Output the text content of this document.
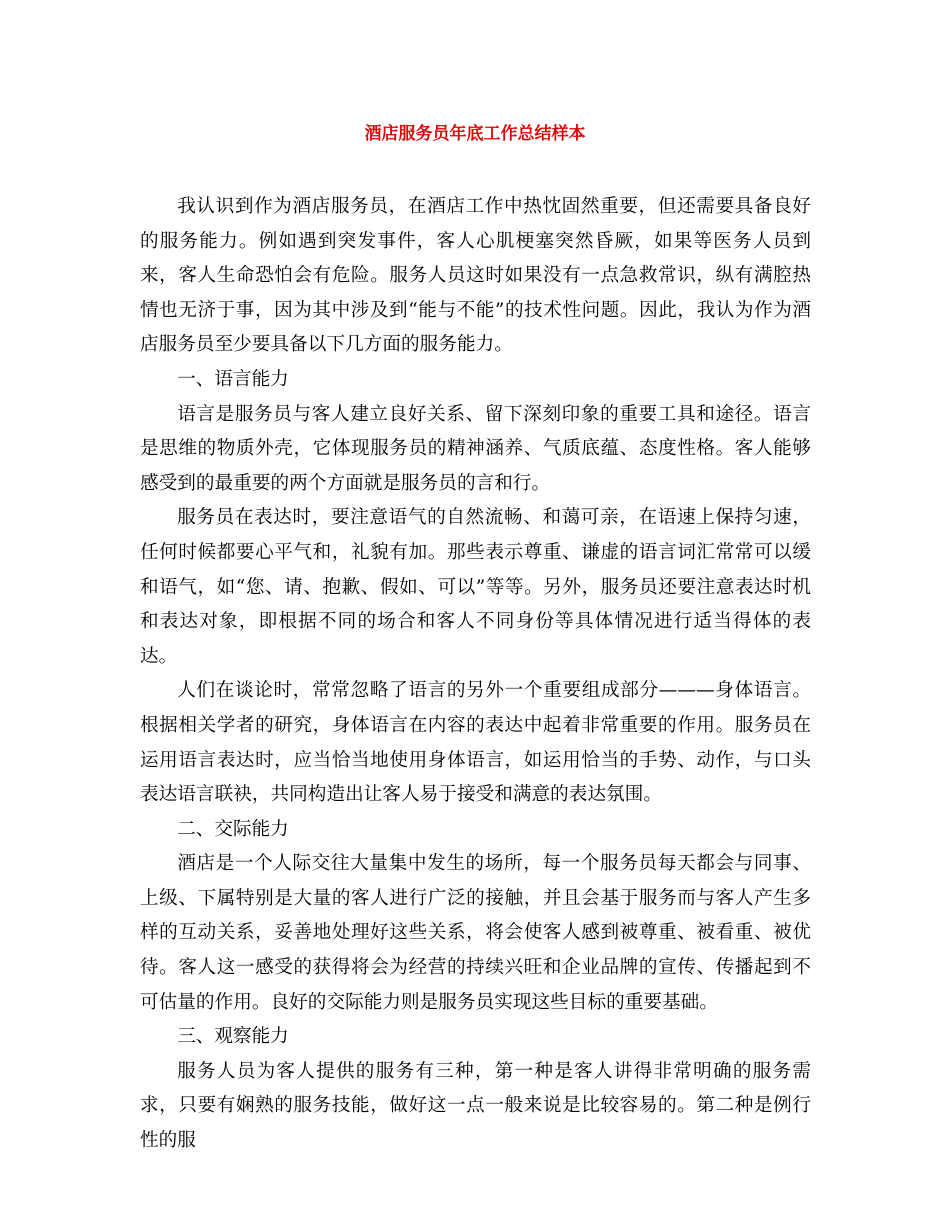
酒店服务员年底工作总结样本

我认识到作为酒店服务员，在酒店工作中热忱固然重要，但还需要具备良好的服务能力。例如遇到突发事件，客人心肌梗塞突然昏厥，如果等医务人员到来，客人生命恐怕会有危险。服务人员这时如果没有一点急救常识，纵有满腔热情也无济于事，因为其中涉及到“能与不能”的技术性问题。因此，我认为作为酒店服务员至少要具备以下几方面的服务能力。

一、语言能力

语言是服务员与客人建立良好关系、留下深刻印象的重要工具和途径。语言是思维的物质外壳，它体现服务员的精神涵养、气质底蕴、态度性格。客人能够感受到的最重要的两个方面就是服务员的言和行。

服务员在表达时，要注意语气的自然流畅、和蔼可亲，在语速上保持匀速，任何时候都要心平气和，礼貌有加。那些表示尊重、谦虚的语言词汇常常可以缓和语气，如“您、请、抱歉、假如、可以”等等。另外，服务员还要注意表达时机和表达对象，即根据不同的场合和客人不同身份等具体情况进行适当得体的表达。

人们在谈论时，常常忽略了语言的另外一个重要组成部分———身体语言。根据相关学者的研究，身体语言在内容的表达中起着非常重要的作用。服务员在运用语言表达时，应当恰当地使用身体语言，如运用恰当的手势、动作，与口头表达语言联袂，共同构造出让客人易于接受和满意的表达氛围。

二、交际能力

酒店是一个人际交往大量集中发生的场所，每一个服务员每天都会与同事、上级、下属特别是大量的客人进行广泛的接触，并且会基于服务而与客人产生多样的互动关系，妥善地处理好这些关系，将会使客人感到被尊重、被看重、被优待。客人这一感受的获得将会为经营的持续兴旺和企业品牌的宣传、传播起到不可估量的作用。良好的交际能力则是服务员实现这些目标的重要基础。

三、观察能力

服务人员为客人提供的服务有三种，第一种是客人讲得非常明确的服务需求，只要有娴熟的服务技能，做好这一点一般来说是比较容易的。第二种是例行性的服
